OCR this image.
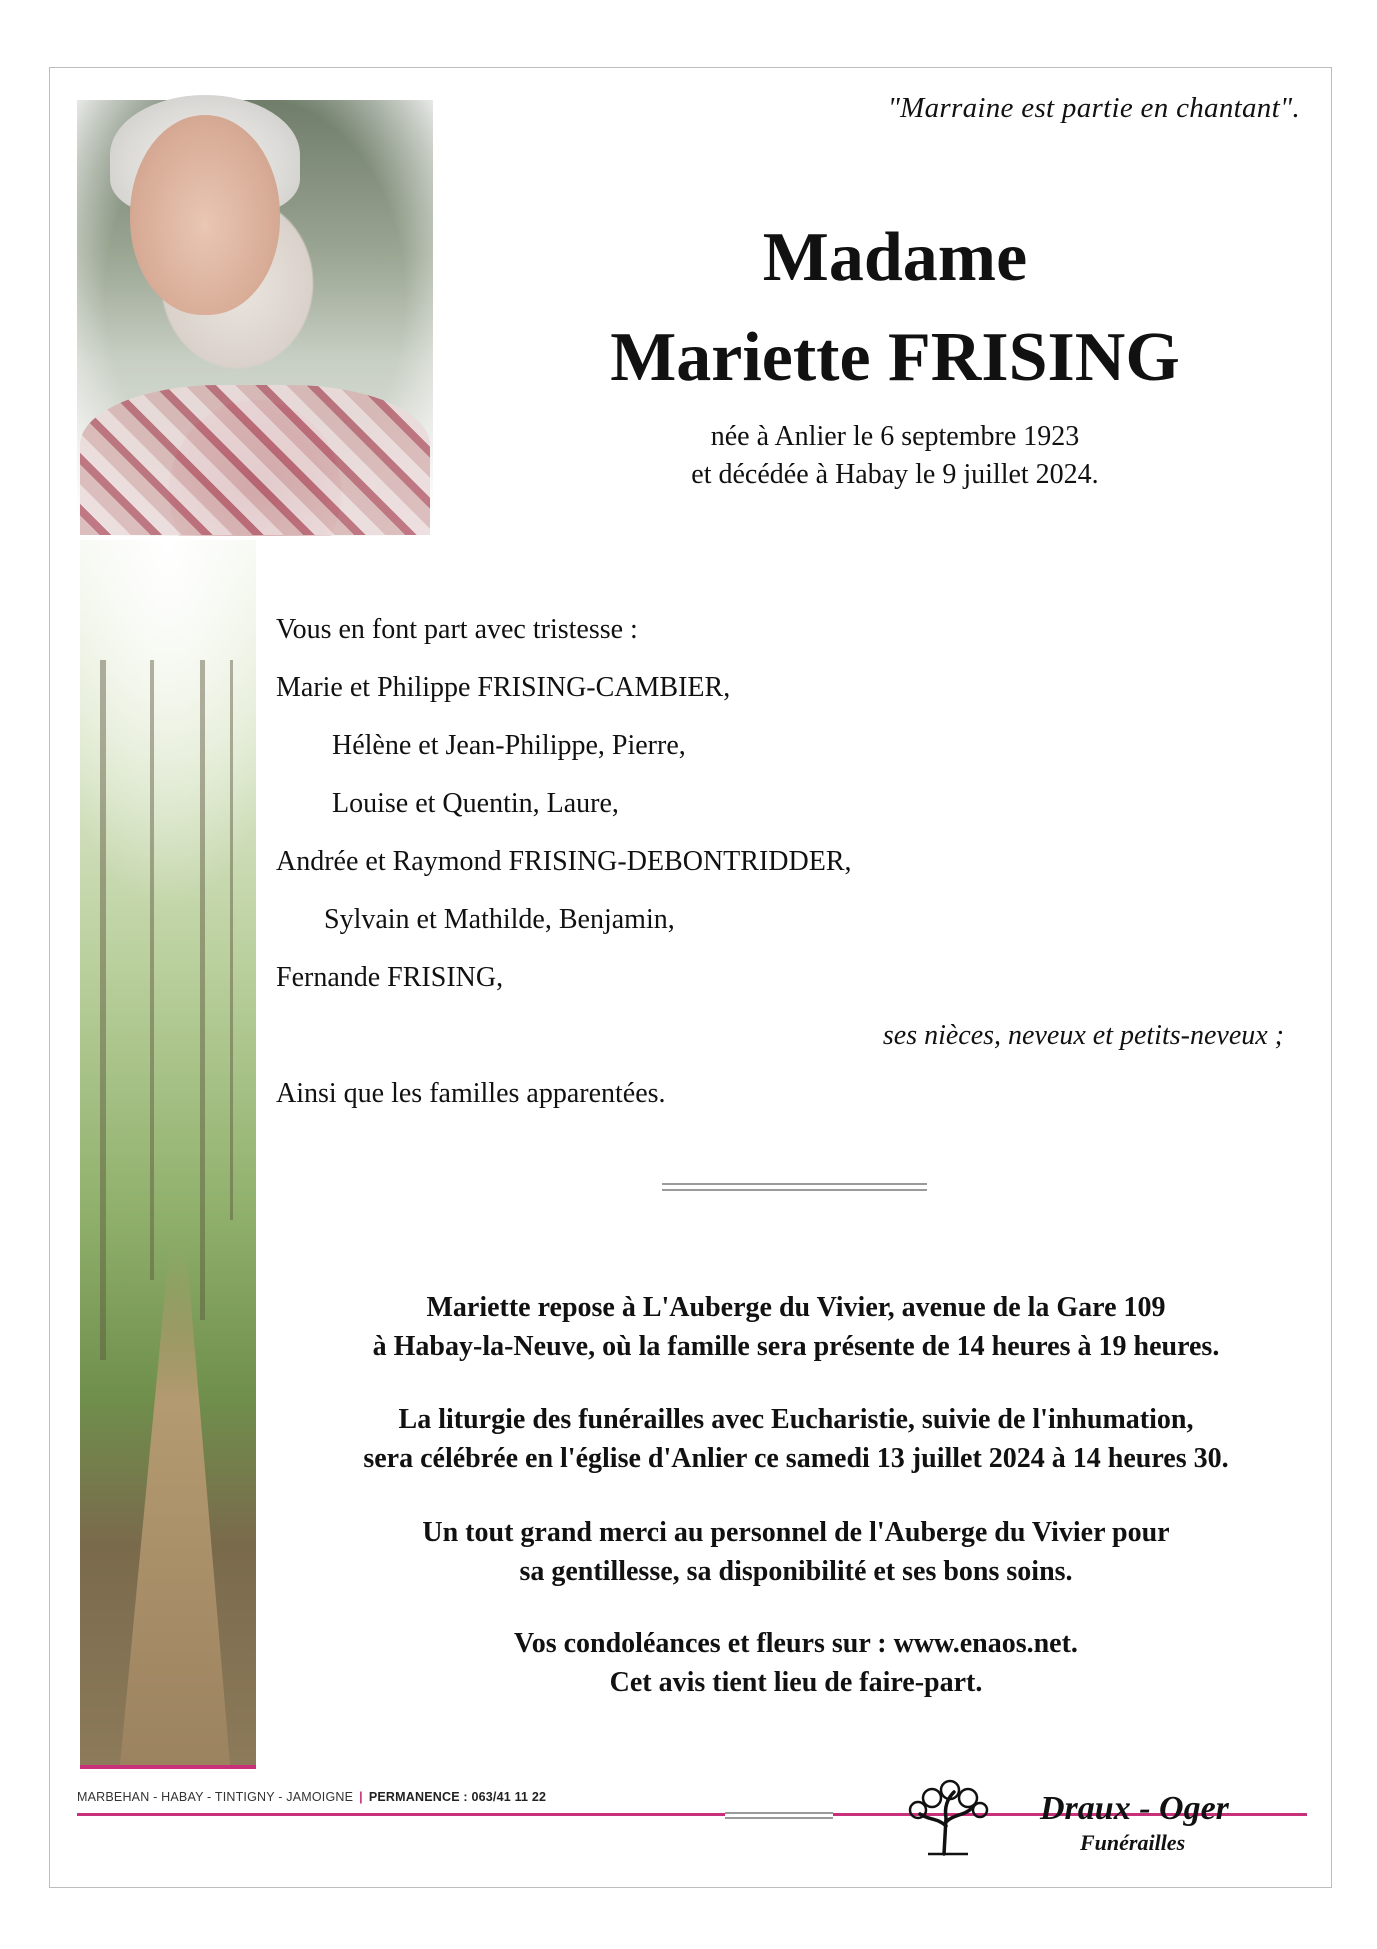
"Marraine est partie en chantant".
Madame
Mariette FRISING
née à Anlier le 6 septembre 1923
et décédée à Habay le 9 juillet 2024.
Vous en font part avec tristesse :
Marie et Philippe FRISING-CAMBIER,
Hélène et Jean-Philippe, Pierre,
Louise et Quentin, Laure,
Andrée et Raymond FRISING-DEBONTRIDDER,
Sylvain et Mathilde, Benjamin,
Fernande FRISING,
ses nièces, neveux et petits-neveux ;
Ainsi que les familles apparentées.
Mariette repose à L'Auberge du Vivier, avenue de la Gare 109
à Habay-la-Neuve, où la famille sera présente de 14 heures à 19 heures.
La liturgie des funérailles avec Eucharistie, suivie de l'inhumation,
sera célébrée en l'église d'Anlier ce samedi 13 juillet 2024 à 14 heures 30.
Un tout grand merci au personnel de l'Auberge du Vivier pour
sa gentillesse, sa disponibilité et ses bons soins.
Vos condoléances et fleurs sur : www.enaos.net.
Cet avis tient lieu de faire-part.
MARBEHAN - HABAY - TINTIGNY - JAMOIGNE | PERMANENCE : 063/41 11 22	Draux - Oger
Funérailles
